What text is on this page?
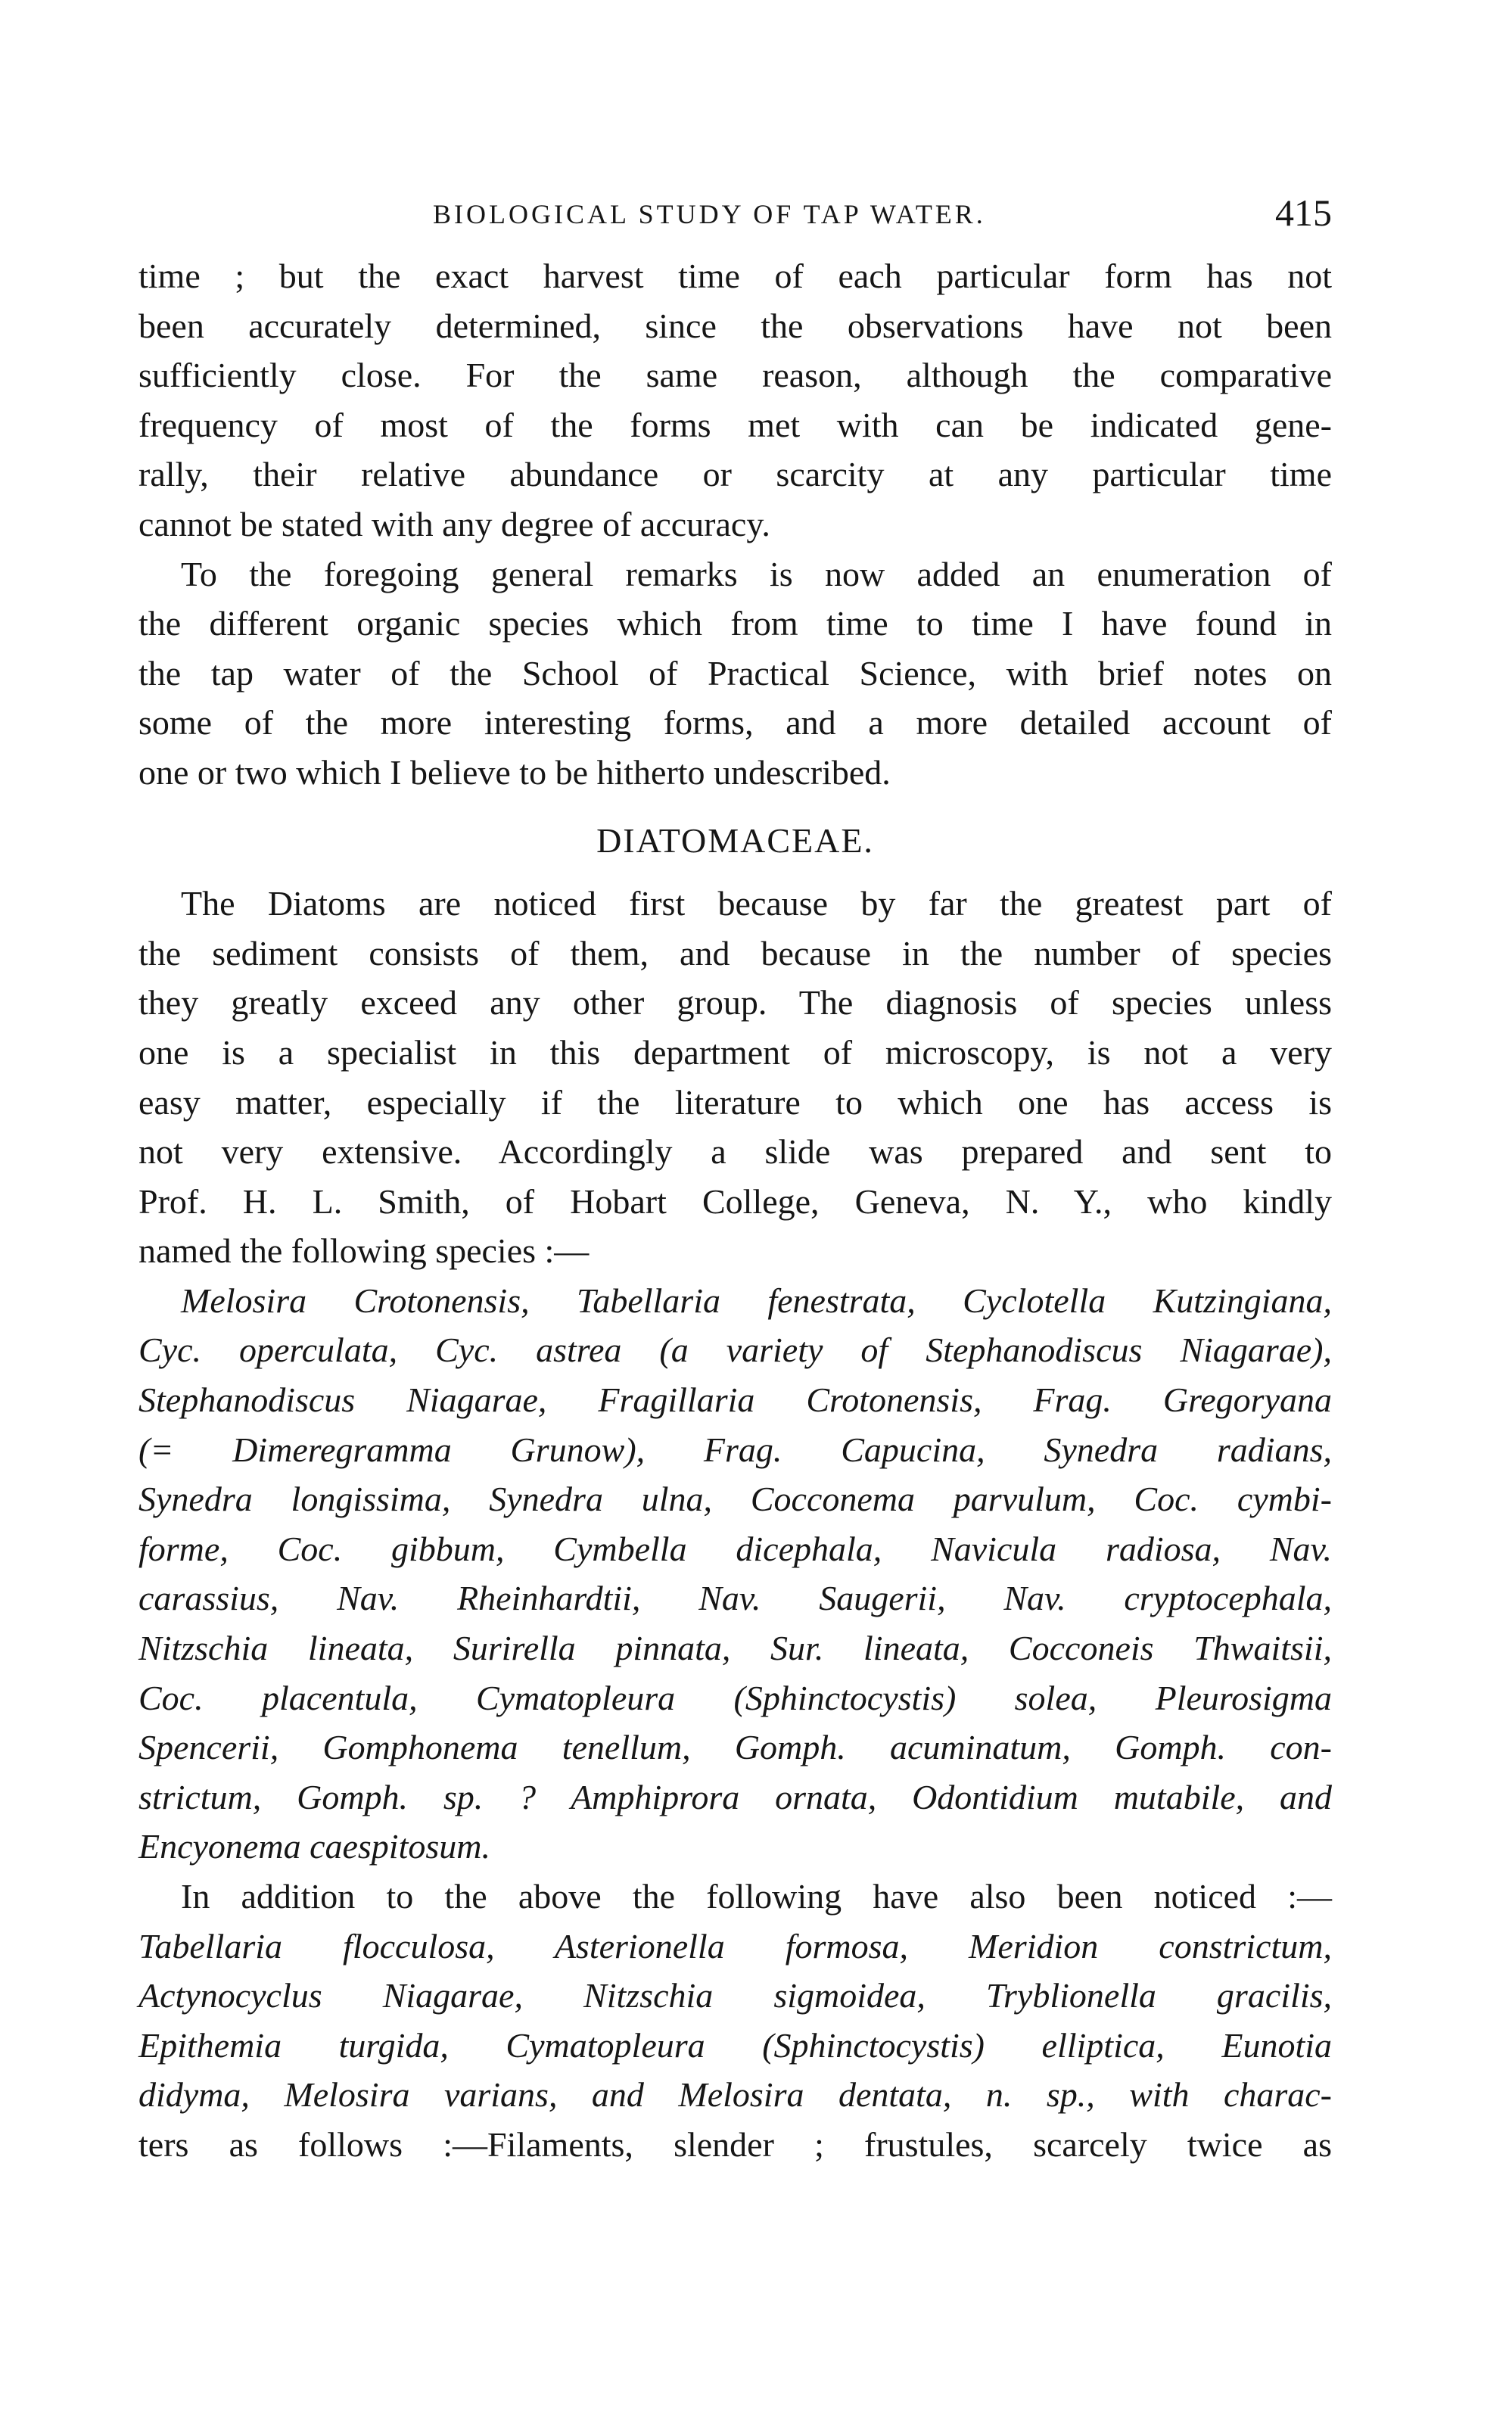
BIOLOGICAL STUDY OF TAP WATER.	415
time ; but the exact harvest time of each particular form has not
been accurately determined, since the observations have not been
sufficiently close. For the same reason, although the comparative
frequency of most of the forms met with can be indicated gene-
rally, their relative abundance or scarcity at any particular time
cannot be stated with any degree of accuracy.
To the foregoing general remarks is now added an enumeration of
the different organic species which from time to time I have found in
the tap water of the School of Practical Science, with brief notes on
some of the more interesting forms, and a more detailed account of
one or two which I believe to be hitherto undescribed.
DIATOMACEAE.
The Diatoms are noticed first because by far the greatest part of
the sediment consists of them, and because in the number of species
they greatly exceed any other group. The diagnosis of species unless
one is a specialist in this department of microscopy, is not a very
easy matter, especially if the literature to which one has access is
not very extensive. Accordingly a slide was prepared and sent to
Prof. H. L. Smith, of Hobart College, Geneva, N. Y., who kindly
named the following species :—
Melosira Crotonensis, Tabellaria fenestrata, Cyclotella Kutzingiana,
Cyc. operculata, Cyc. astrea (a variety of Stephanodiscus Niagarae),
Stephanodiscus Niagarae, Fragillaria Crotonensis, Frag. Gregoryana
(= Dimeregramma Grunow), Frag. Capucina, Synedra radians,
Synedra longissima, Synedra ulna, Cocconema parvulum, Coc. cymbi-
forme, Coc. gibbum, Cymbella dicephala, Navicula radiosa, Nav.
carassius, Nav. Rheinhardtii, Nav. Saugerii, Nav. cryptocephala,
Nitzschia lineata, Surirella pinnata, Sur. lineata, Cocconeis Thwaitsii,
Coc. placentula, Cymatopleura (Sphinctocystis) solea, Pleurosigma
Spencerii, Gomphonema tenellum, Gomph. acuminatum, Gomph. con-
strictum, Gomph. sp. ? Amphiprora ornata, Odontidium mutabile, and
Encyonema caespitosum.
In addition to the above the following have also been noticed :—
Tabellaria flocculosa, Asterionella formosa, Meridion constrictum,
Actynocyclus Niagarae, Nitzschia sigmoidea, Tryblionella gracilis,
Epithemia turgida, Cymatopleura (Sphinctocystis) elliptica, Eunotia
didyma, Melosira varians, and Melosira dentata, n. sp., with charac-
ters as follows :—Filaments, slender ; frustules, scarcely twice as
